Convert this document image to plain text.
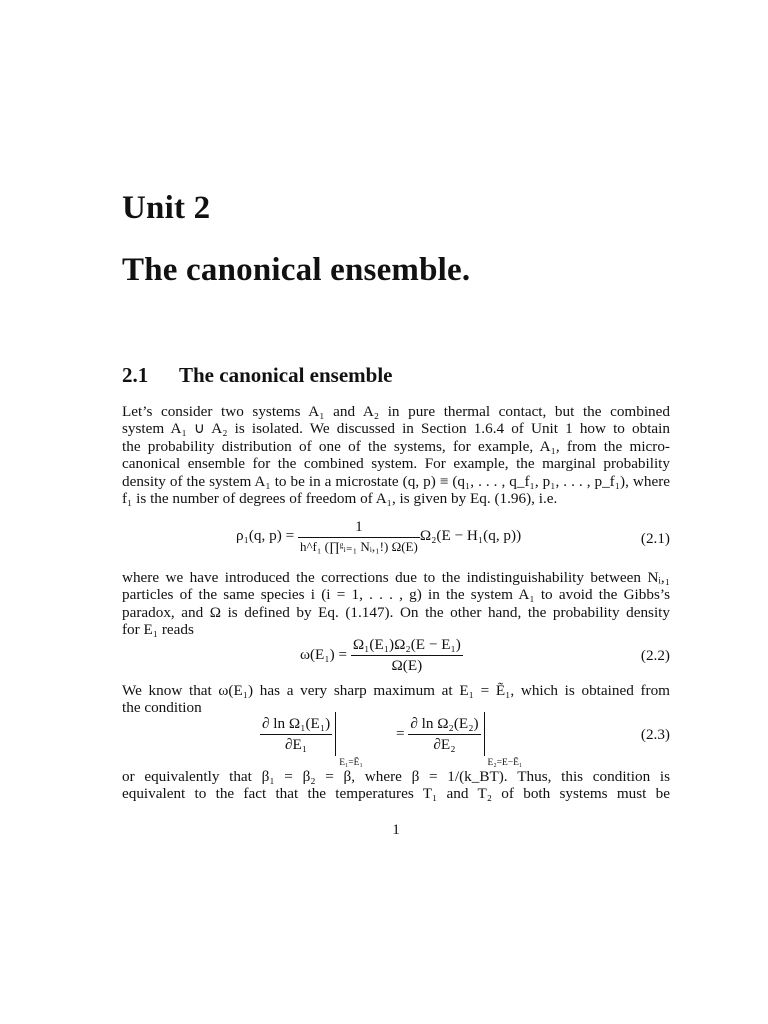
Unit 2
The canonical ensemble.
2.1 The canonical ensemble
Let’s consider two systems A₁ and A₂ in pure thermal contact, but the combined
system A₁ ∪ A₂ is isolated. We discussed in Section 1.6.4 of Unit 1 how to obtain
the probability distribution of one of the systems, for example, A₁, from the micro-
canonical ensemble for the combined system. For example, the marginal probability
density of the system A₁ to be in a microstate (q, p) ≡ (q₁, . . . , q_f₁, p₁, . . . , p_f₁), where
f₁ is the number of degrees of freedom of A₁, is given by Eq. (1.96), i.e.
ρ₁(q, $p) = \frac{1}{\text{h\textasciicircum{}f₁ (∏ᵍᵢ₌₁ Nᵢ,₁!) Ω(E)}} \Omega_2(E - H_1(q$, p))	(2.1)
where we have introduced the corrections due to the indistinguishability between Nᵢ,₁
particles of the same species i (i = 1, . . . , g) in the system A₁ to avoid the Gibbs’s
paradox, and Ω is defined by Eq. (1.147). On the other hand, the probability density
for E₁ reads
$\omega(E_1) = \frac{\text{Ω₁(E₁)Ω₂(E − E₁)}}{\Omega(E)}$	(2.2)
We know that ω(E₁) has a very sharp maximum at E₁ = Ẽ₁, which is obtained from
the condition
$\frac{\text{∂ ln Ω₁(E₁)}}{\text{∂E₁}}$
E₁=Ẽ₁
= $\frac{\text{∂ ln Ω₂(E₂)}}{\text{∂E₂}}$
E₂=E−Ẽ₁
(2.3)
or equivalently that β₁ = β₂ = β, where β = 1/(k_BT). Thus, this condition is
equivalent to the fact that the temperatures T₁ and T₂ of both systems must be
1
